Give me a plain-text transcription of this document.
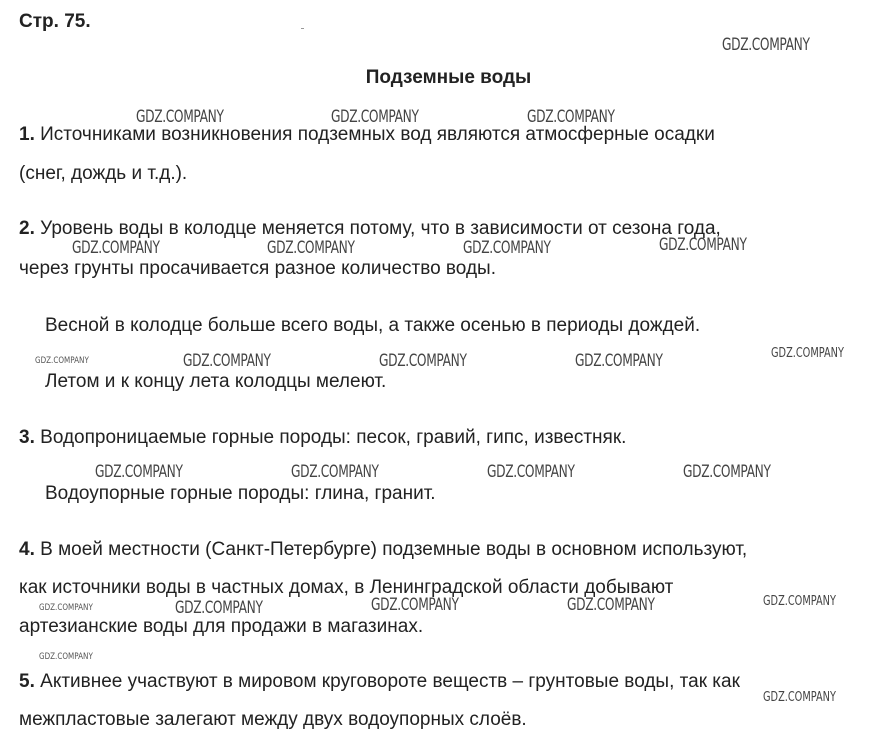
Стр. 75.
Подземные воды
1. Источниками возникновения подземных вод являются атмосферные осадки
(снег, дождь и т.д.).
2. Уровень воды в колодце меняется потому, что в зависимости от сезона года,
через грунты просачивается разное количество воды.
Весной в колодце больше всего воды, а также осенью в периоды дождей.
Летом и к концу лета колодцы мелеют.
3. Водопроницаемые горные породы: песок, гравий, гипс, известняк.
Водоупорные горные породы: глина, гранит.
4. В моей местности (Санкт-Петербурге) подземные воды в основном используют,
как источники воды в частных домах, в Ленинградской области добывают
артезианские воды для продажи в магазинах.
5. Активнее участвуют в мировом круговороте веществ – грунтовые воды, так как
межпластовые залегают между двух водоупорных слоёв.
GDZ.COMPANY
GDZ.COMPANY	GDZ.COMPANY	GDZ.COMPANY
GDZ.COMPANY	GDZ.COMPANY	GDZ.COMPANY	GDZ.COMPANY
GDZ.COMPANY	GDZ.COMPANY	GDZ.COMPANY
GDZ.COMPANY	GDZ.COMPANY	GDZ.COMPANY	GDZ.COMPANY
GDZ.COMPANY	GDZ.COMPANY	GDZ.COMPANY
GDZ.COMPANY
GDZ.COMPANY
GDZ.COMPANY
GDZ.COMPANY
GDZ.COMPANY
GDZ.COMPANY
